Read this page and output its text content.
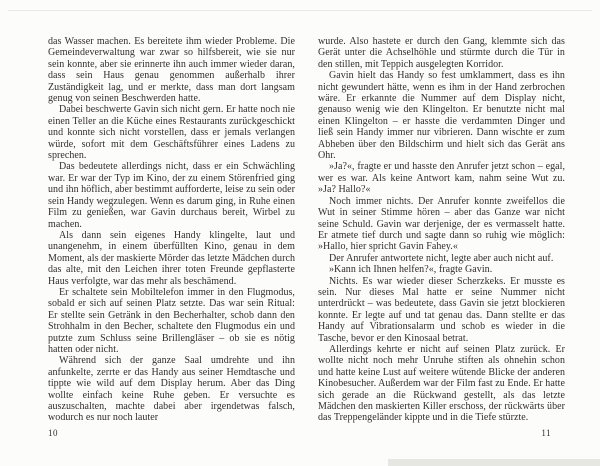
das Wasser machen. Es bereitete ihm wieder Probleme. Die Gemeindeverwaltung war zwar so hilfsbereit, wie sie nur sein konnte, aber sie erinnerte ihn auch immer wieder daran, dass sein Haus genau genommen außerhalb ihrer Zuständigkeit lag, und er merkte, dass man dort langsam genug von seinen Beschwerden hatte.

Dabei beschwerte Gavin sich nicht gern. Er hatte noch nie einen Teller an die Küche eines Restaurants zurückgeschickt und konnte sich nicht vorstellen, dass er jemals verlangen würde, sofort mit dem Geschäftsführer eines Ladens zu sprechen.

Das bedeutete allerdings nicht, dass er ein Schwächling war. Er war der Typ im Kino, der zu einem Störenfried ging und ihn höflich, aber bestimmt aufforderte, leise zu sein oder sein Handy wegzulegen. Wenn es darum ging, in Ruhe einen Film zu genießen, war Gavin durchaus bereit, Wirbel zu machen.

Als dann sein eigenes Handy klingelte, laut und unangenehm, in einem überfüllten Kino, genau in dem Moment, als der maskierte Mörder das letzte Mädchen durch das alte, mit den Leichen ihrer toten Freunde gepflasterte Haus verfolgte, war das mehr als beschämend.

Er schaltete sein Mobiltelefon immer in den Flugmodus, sobald er sich auf seinen Platz setzte. Das war sein Ritual: Er stellte sein Getränk in den Becherhalter, schob dann den Strohhalm in den Becher, schaltete den Flugmodus ein und putzte zum Schluss seine Brillengläser – ob sie es nötig hatten oder nicht.

Während sich der ganze Saal umdrehte und ihn anfunkelte, zerrte er das Handy aus seiner Hemdtasche und tippte wie wild auf dem Display herum. Aber das Ding wollte einfach keine Ruhe geben. Er versuchte es auszuschalten, machte dabei aber irgendetwas falsch, wodurch es nur noch lauter

10

wurde. Also hastete er durch den Gang, klemmte sich das Gerät unter die Achselhöhle und stürmte durch die Tür in den stillen, mit Teppich ausgelegten Korridor.

Gavin hielt das Handy so fest umklammert, dass es ihn nicht gewundert hätte, wenn es ihm in der Hand zerbrochen wäre. Er erkannte die Nummer auf dem Display nicht, genauso wenig wie den Klingelton. Er benutzte nicht mal einen Klingelton – er hasste die verdammten Dinger und ließ sein Handy immer nur vibrieren. Dann wischte er zum Abheben über den Bildschirm und hielt sich das Gerät ans Ohr.

»Ja?«, fragte er und hasste den Anrufer jetzt schon – egal, wer es war. Als keine Antwort kam, nahm seine Wut zu. »Ja? Hallo?«

Noch immer nichts. Der Anrufer konnte zweifellos die Wut in seiner Stimme hören – aber das Ganze war nicht seine Schuld. Gavin war derjenige, der es vermasselt hatte. Er atmete tief durch und sagte dann so ruhig wie möglich: »Hallo, hier spricht Gavin Fahey.«

Der Anrufer antwortete nicht, legte aber auch nicht auf.

»Kann ich Ihnen helfen?«, fragte Gavin.

Nichts. Es war wieder dieser Scherzkeks. Er musste es sein. Nur dieses Mal hatte er seine Nummer nicht unterdrückt – was bedeutete, dass Gavin sie jetzt blockieren konnte. Er legte auf und tat genau das. Dann stellte er das Handy auf Vibrationsalarm und schob es wieder in die Tasche, bevor er den Kinosaal betrat.

Allerdings kehrte er nicht auf seinen Platz zurück. Er wollte nicht noch mehr Unruhe stiften als ohnehin schon und hatte keine Lust auf weitere wütende Blicke der anderen Kinobesucher. Außerdem war der Film fast zu Ende. Er hatte sich gerade an die Rückwand gestellt, als das letzte Mädchen den maskierten Killer erschoss, der rückwärts über das Treppengeländer kippte und in die Tiefe stürzte.

11
